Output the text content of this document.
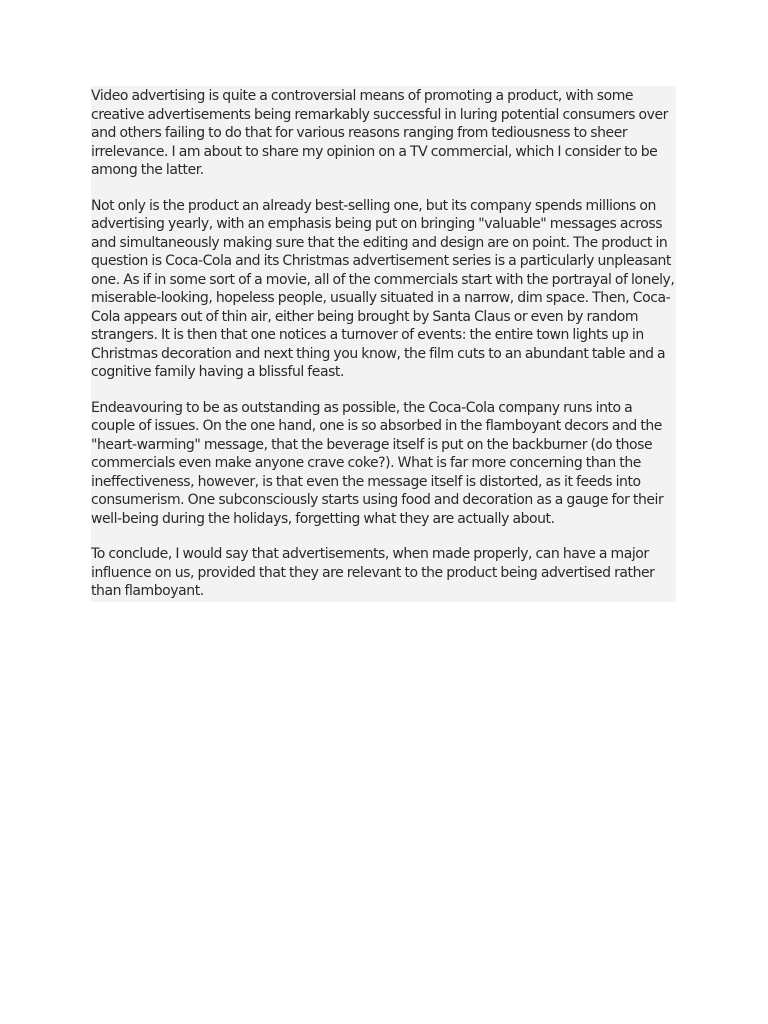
Video advertising is quite a controversial means of promoting a product, with some creative advertisements being remarkably successful in luring potential consumers over and others failing to do that for various reasons ranging from tediousness to sheer irrelevance. I am about to share my opinion on a TV commercial, which I consider to be among the latter.

Not only is the product an already best-selling one, but its company spends millions on advertising yearly, with an emphasis being put on bringing "valuable" messages across and simultaneously making sure that the editing and design are on point. The product in question is Coca-Cola and its Christmas advertisement series is a particularly unpleasant one. As if in some sort of a movie, all of the commercials start with the portrayal of lonely, miserable-looking, hopeless people, usually situated in a narrow, dim space. Then, Coca-Cola appears out of thin air, either being brought by Santa Claus or even by random strangers. It is then that one notices a turnover of events: the entire town lights up in Christmas decoration and next thing you know, the film cuts to an abundant table and a cognitive family having a blissful feast.

Endeavouring to be as outstanding as possible, the Coca-Cola company runs into a couple of issues. On the one hand, one is so absorbed in the flamboyant decors and the "heart-warming" message, that the beverage itself is put on the backburner (do those commercials even make anyone crave coke?). What is far more concerning than the ineffectiveness, however, is that even the message itself is distorted, as it feeds into consumerism. One subconsciously starts using food and decoration as a gauge for their well-being during the holidays, forgetting what they are actually about.

To conclude, I would say that advertisements, when made properly, can have a major influence on us, provided that they are relevant to the product being advertised rather than flamboyant.
